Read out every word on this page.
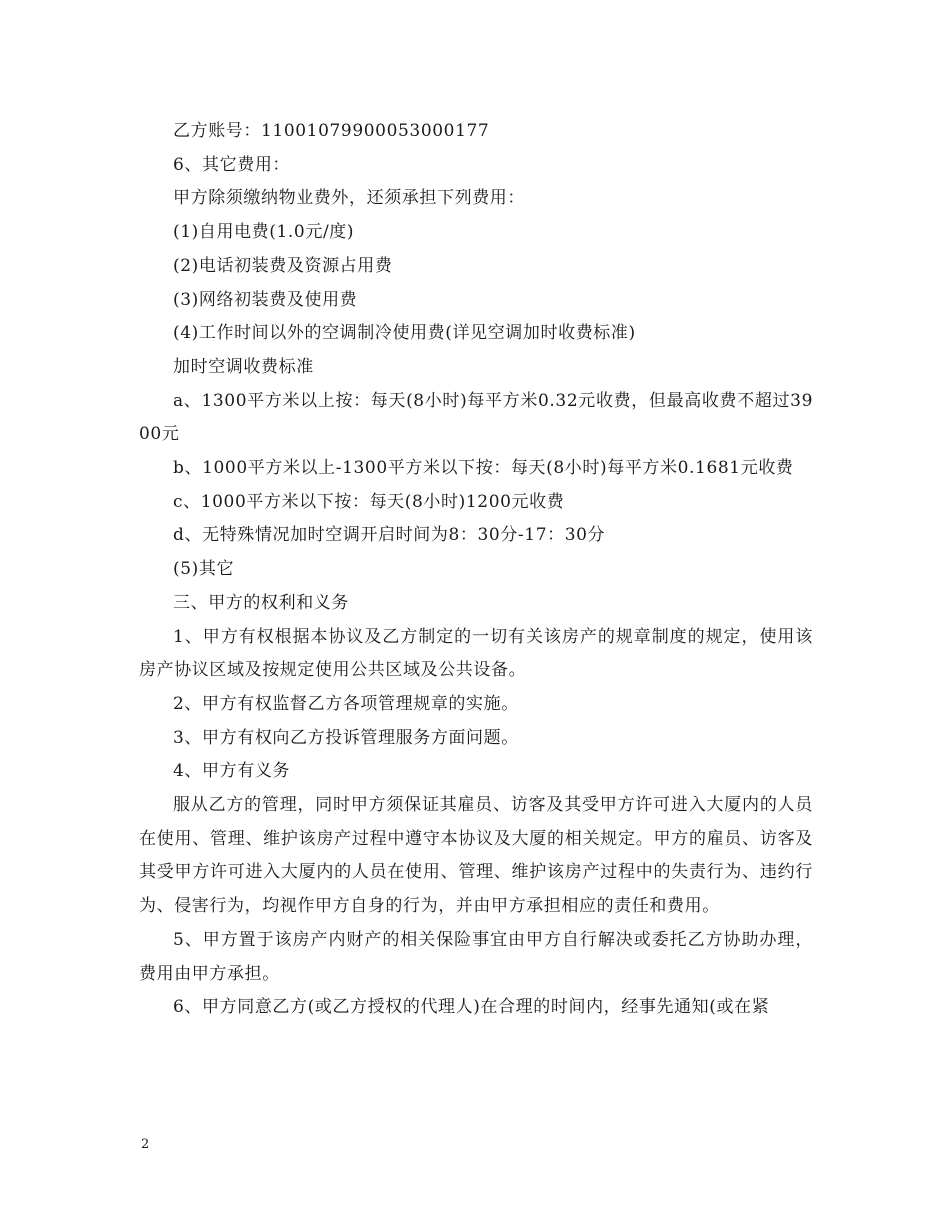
乙方账号：11001079900053000177

6、其它费用：

甲方除须缴纳物业费外，还须承担下列费用：

(1)自用电费(1.0元/度)

(2)电话初装费及资源占用费

(3)网络初装费及使用费

(4)工作时间以外的空调制冷使用费(详见空调加时收费标准)

加时空调收费标准

a、1300平方米以上按：每天(8小时)每平方米0.32元收费，但最高收费不超过3900元

b、1000平方米以上-1300平方米以下按：每天(8小时)每平方米0.1681元收费

c、1000平方米以下按：每天(8小时)1200元收费

d、无特殊情况加时空调开启时间为8：30分-17：30分

(5)其它

三、甲方的权利和义务

1、甲方有权根据本协议及乙方制定的一切有关该房产的规章制度的规定，使用该房产协议区域及按规定使用公共区域及公共设备。

2、甲方有权监督乙方各项管理规章的实施。

3、甲方有权向乙方投诉管理服务方面问题。

4、甲方有义务

服从乙方的管理，同时甲方须保证其雇员、访客及其受甲方许可进入大厦内的人员在使用、管理、维护该房产过程中遵守本协议及大厦的相关规定。甲方的雇员、访客及其受甲方许可进入大厦内的人员在使用、管理、维护该房产过程中的失责行为、违约行为、侵害行为，均视作甲方自身的行为，并由甲方承担相应的责任和费用。

5、甲方置于该房产内财产的相关保险事宜由甲方自行解决或委托乙方协助办理，费用由甲方承担。

6、甲方同意乙方(或乙方授权的代理人)在合理的时间内，经事先通知(或在紧

2
